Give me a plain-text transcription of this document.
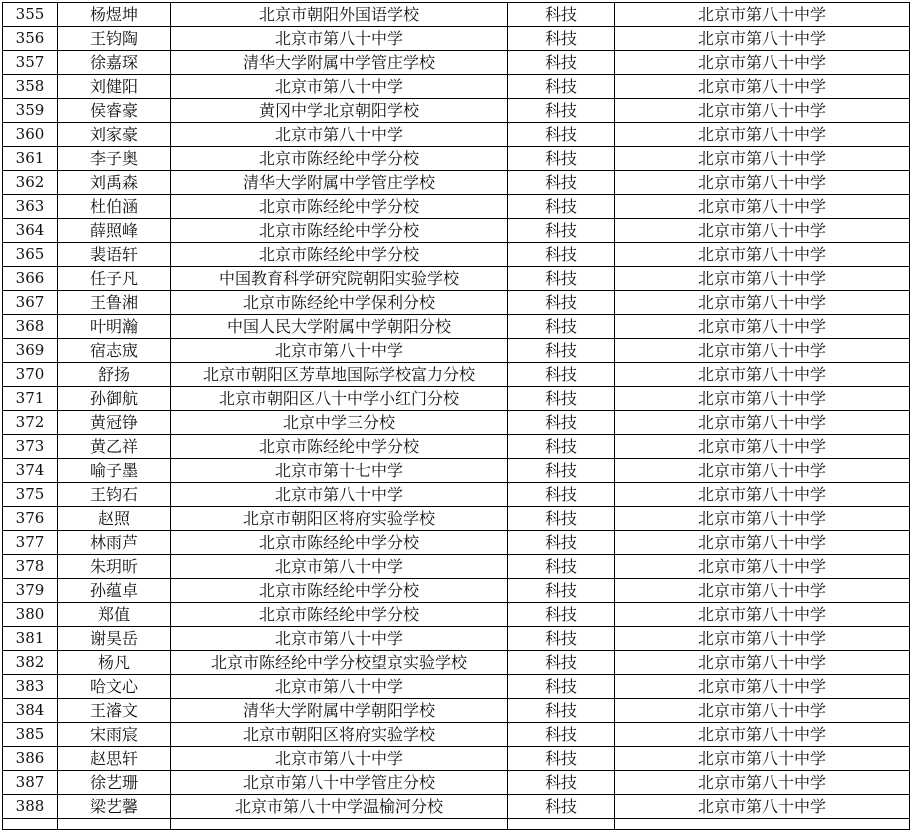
355	杨煜坤	北京市朝阳外国语学校	科技	北京市第八十中学
356	王钧陶	北京市第八十中学	科技	北京市第八十中学
357	徐嘉琛	清华大学附属中学管庄学校	科技	北京市第八十中学
358	刘健阳	北京市第八十中学	科技	北京市第八十中学
359	侯睿豪	黄冈中学北京朝阳学校	科技	北京市第八十中学
360	刘家豪	北京市第八十中学	科技	北京市第八十中学
361	李子奥	北京市陈经纶中学分校	科技	北京市第八十中学
362	刘禹森	清华大学附属中学管庄学校	科技	北京市第八十中学
363	杜伯涵	北京市陈经纶中学分校	科技	北京市第八十中学
364	薛照峰	北京市陈经纶中学分校	科技	北京市第八十中学
365	裴语轩	北京市陈经纶中学分校	科技	北京市第八十中学
366	任子凡	中国教育科学研究院朝阳实验学校	科技	北京市第八十中学
367	王鲁湘	北京市陈经纶中学保利分校	科技	北京市第八十中学
368	叶明瀚	中国人民大学附属中学朝阳分校	科技	北京市第八十中学
369	宿志宬	北京市第八十中学	科技	北京市第八十中学
370	舒扬	北京市朝阳区芳草地国际学校富力分校	科技	北京市第八十中学
371	孙御航	北京市朝阳区八十中学小红门分校	科技	北京市第八十中学
372	黄冠铮	北京中学三分校	科技	北京市第八十中学
373	黄乙祥	北京市陈经纶中学分校	科技	北京市第八十中学
374	喻子墨	北京市第十七中学	科技	北京市第八十中学
375	王钧石	北京市第八十中学	科技	北京市第八十中学
376	赵照	北京市朝阳区将府实验学校	科技	北京市第八十中学
377	林雨芦	北京市陈经纶中学分校	科技	北京市第八十中学
378	朱玥昕	北京市第八十中学	科技	北京市第八十中学
379	孙蕴卓	北京市陈经纶中学分校	科技	北京市第八十中学
380	郑值	北京市陈经纶中学分校	科技	北京市第八十中学
381	谢昊岳	北京市第八十中学	科技	北京市第八十中学
382	杨凡	北京市陈经纶中学分校望京实验学校	科技	北京市第八十中学
383	哈文心	北京市第八十中学	科技	北京市第八十中学
384	王濬文	清华大学附属中学朝阳学校	科技	北京市第八十中学
385	宋雨宸	北京市朝阳区将府实验学校	科技	北京市第八十中学
386	赵思轩	北京市第八十中学	科技	北京市第八十中学
387	徐艺珊	北京市第八十中学管庄分校	科技	北京市第八十中学
388	梁艺馨	北京市第八十中学温榆河分校	科技	北京市第八十中学
